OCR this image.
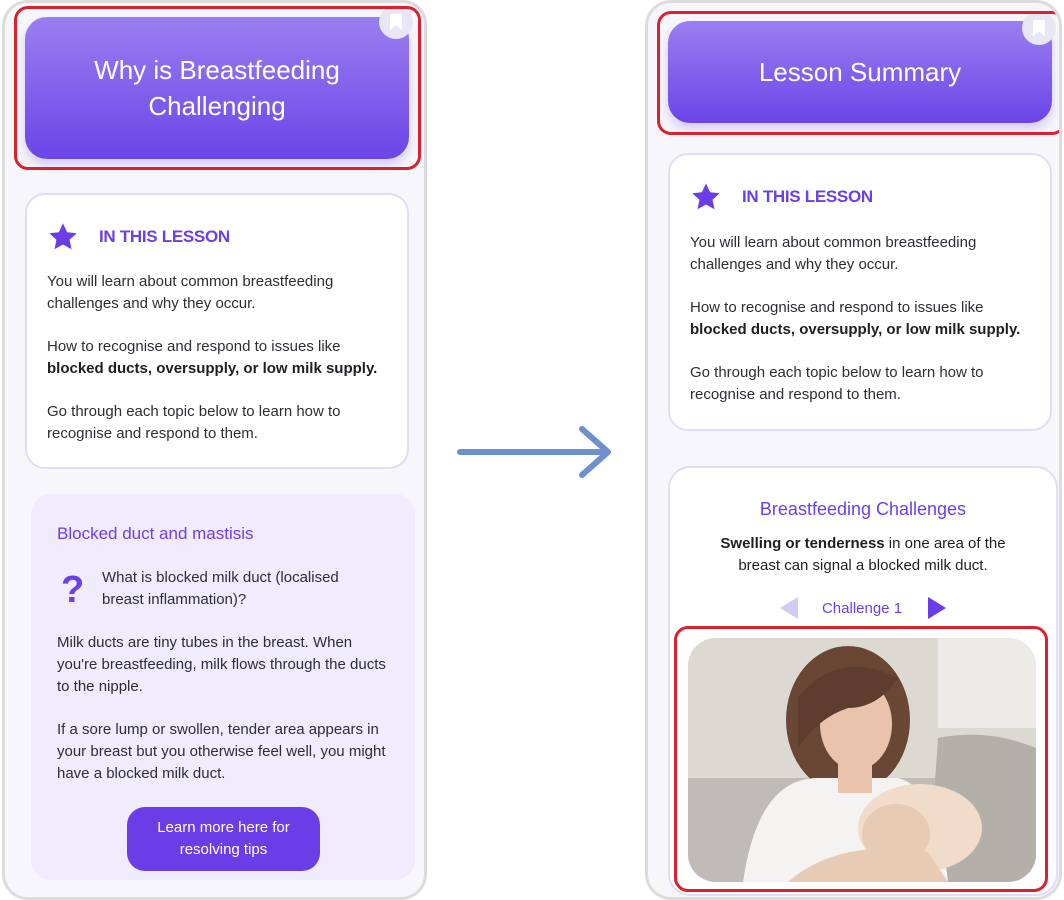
Why is Breastfeeding Challenging
IN THIS LESSON
You will learn about common breastfeeding challenges and why they occur.
How to recognise and respond to issues like blocked ducts, oversupply, or low milk supply.
Go through each topic below to learn how to recognise and respond to them.
Blocked duct and mastisis
? What is blocked milk duct (localised breast inflammation)?
Milk ducts are tiny tubes in the breast. When you're breastfeeding, milk flows through the ducts to the nipple.
If a sore lump or swollen, tender area appears in your breast but you otherwise feel well, you might have a blocked milk duct.
Learn more here for resolving tips
Lesson Summary
IN THIS LESSON
You will learn about common breastfeeding challenges and why they occur.
How to recognise and respond to issues like blocked ducts, oversupply, or low milk supply.
Go through each topic below to learn how to recognise and respond to them.
Breastfeeding Challenges
Swelling or tenderness in one area of the breast can signal a blocked milk duct.
Challenge 1
